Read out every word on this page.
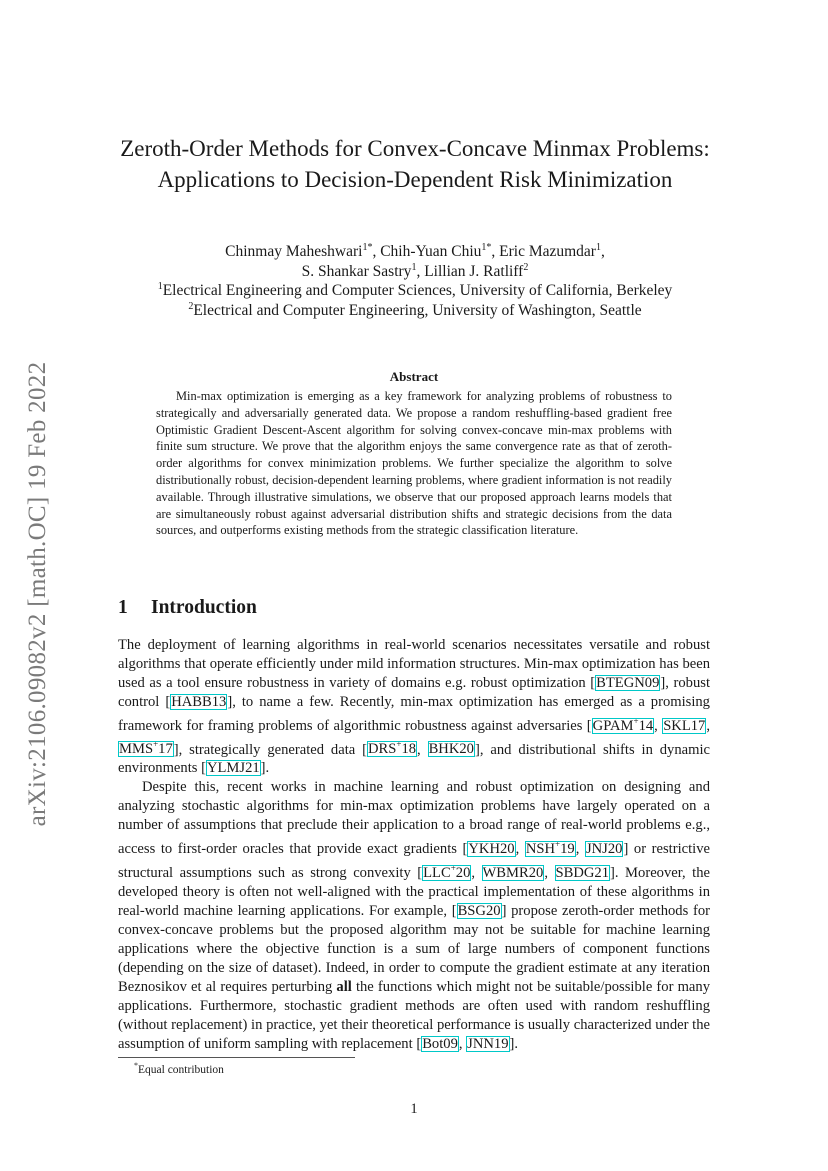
arXiv:2106.09082v2 [math.OC] 19 Feb 2022
Zeroth-Order Methods for Convex-Concave Minmax Problems: Applications to Decision-Dependent Risk Minimization
Chinmay Maheshwari$^{1*}$, Chih-Yuan Chiu$^{1*}$, Eric Mazumdar$^1$,
S. Shankar Sastry$^1$, Lillian J. Ratliff$^2$
$^1$Electrical Engineering and Computer Sciences, University of California, Berkeley
$^2$Electrical and Computer Engineering, University of Washington, Seattle
Abstract
Min-max optimization is emerging as a key framework for analyzing problems of robustness to strategically and adversarially generated data. We propose a random reshuffling-based gradient free Optimistic Gradient Descent-Ascent algorithm for solving convex-concave min-max problems with finite sum structure. We prove that the algorithm enjoys the same convergence rate as that of zeroth-order algorithms for convex minimization problems. We further specialize the algorithm to solve distributionally robust, decision-dependent learning problems, where gradient information is not readily available. Through illustrative simulations, we observe that our proposed approach learns models that are simultaneously robust against adversarial distribution shifts and strategic decisions from the data sources, and outperforms existing methods from the strategic classification literature.
1 Introduction

The deployment of learning algorithms in real-world scenarios necessitates versatile and robust algorithms that operate efficiently under mild information structures. Min-max optimization has been used as a tool ensure robustness in variety of domains e.g. robust optimization [BTEGN09], robust control [HABB13], to name a few. Recently, min-max optimization has emerged as a promising framework for framing problems of algorithmic robustness against adversaries [GPAM+14, SKL17, MMS+17], strategically generated data [DRS+18, BHK20], and distributional shifts in dynamic environments [YLMJ21].

Despite this, recent works in machine learning and robust optimization on designing and analyzing stochastic algorithms for min-max optimization problems have largely operated on a number of assumptions that preclude their application to a broad range of real-world problems e.g., access to first-order oracles that provide exact gradients [YKH20, NSH+19, JNJ20] or restrictive structural assumptions such as strong convexity [LLC+20, WBMR20, SBDG21]. Moreover, the developed theory is often not well-aligned with the practical implementation of these algorithms in real-world machine learning applications. For example, [BSG20] propose zeroth-order methods for convex-concave problems but the proposed algorithm may not be suitable for machine learning applications where the objective function is a sum of large numbers of component functions (depending on the size of dataset). Indeed, in order to compute the gradient estimate at any iteration Beznosikov et al requires perturbing all the functions which might not be suitable/possible for many applications. Furthermore, stochastic gradient methods are often used with random reshuffling (without replacement) in practice, yet their theoretical performance is usually characterized under the assumption of uniform sampling with replacement [Bot09, JNN19].

*Equal contribution
1
